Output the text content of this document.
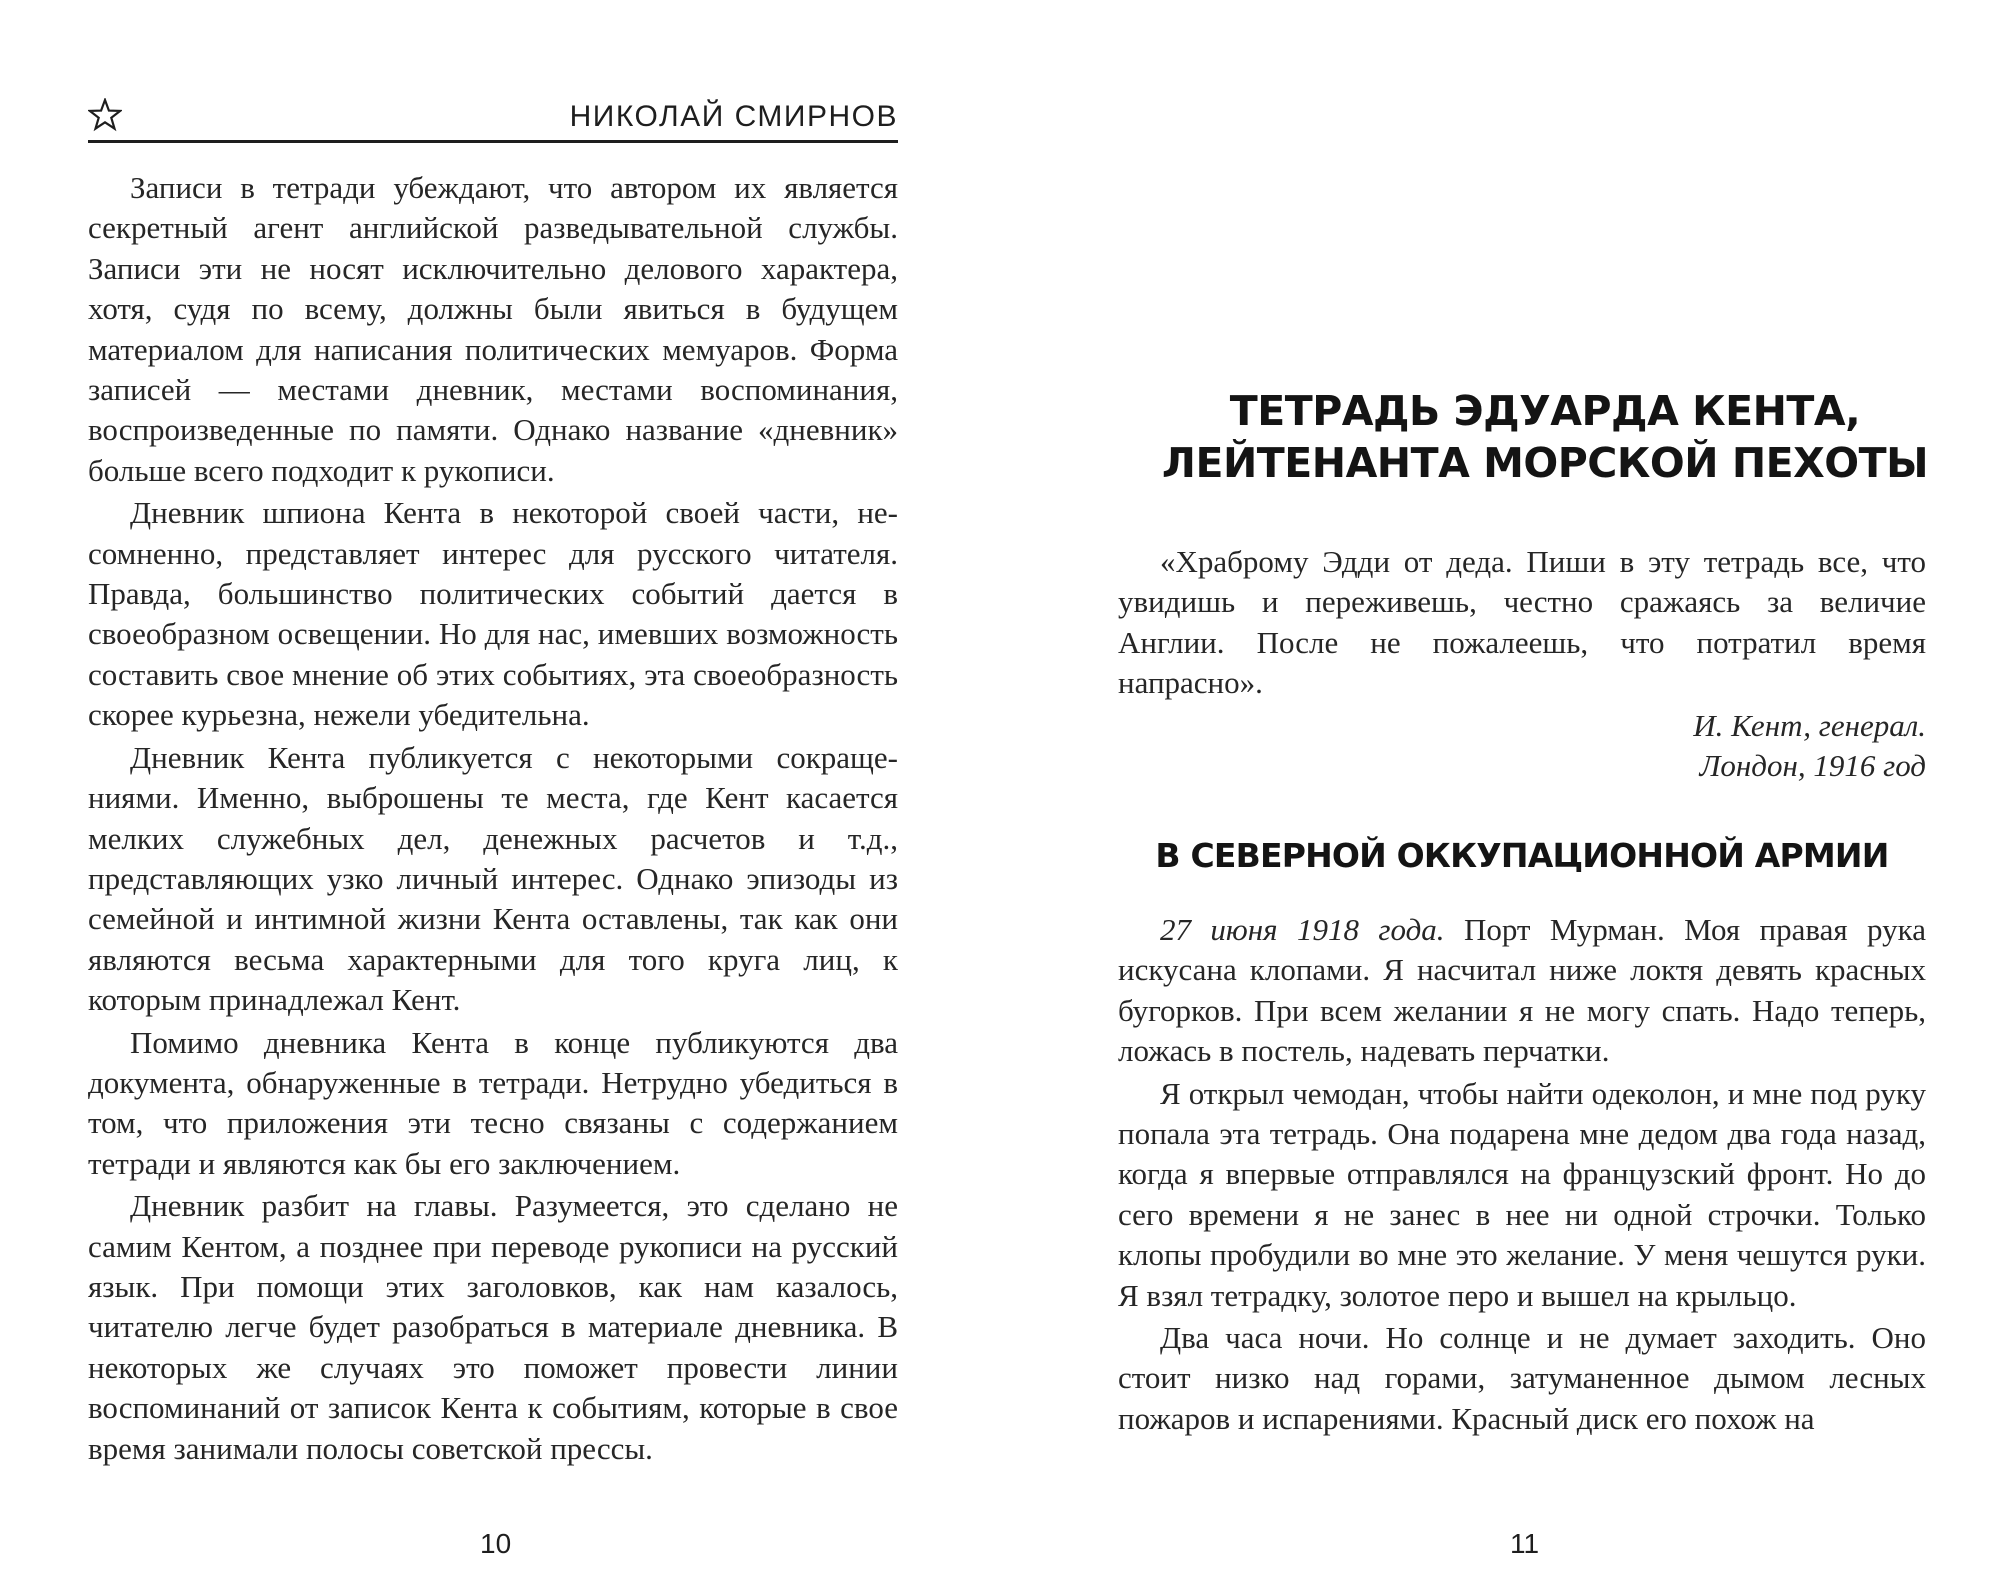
НИКОЛАЙ СМИРНОВ

Записи в тетради убеждают, что автором их является секретный агент английской разведывательной службы. Записи эти не носят исключительно делового характера, хотя, судя по всему, должны были явиться в будущем материалом для написания политических мемуаров. Форма записей — местами дневник, местами воспоминания, воспроизведенные по памяти. Однако название «дневник» больше всего подходит к рукописи.

Дневник шпиона Кента в некоторой своей части, несомненно, представляет интерес для русского читателя. Правда, большинство политических событий дается в своеобразном освещении. Но для нас, имевших возможность составить свое мнение об этих событиях, эта своеобразность скорее курьезна, нежели убедительна.

Дневник Кента публикуется с некоторыми сокращениями. Именно, выброшены те места, где Кент касается мелких служебных дел, денежных расчетов и т.д., представляющих узко личный интерес. Однако эпизоды из семейной и интимной жизни Кента оставлены, так как они являются весьма характерными для того круга лиц, к которым принадлежал Кент.

Помимо дневника Кента в конце публикуются два документа, обнаруженные в тетради. Нетрудно убедиться в том, что приложения эти тесно связаны с содержанием тетради и являются как бы его заключением.

Дневник разбит на главы. Разумеется, это сделано не самим Кентом, а позднее при переводе рукописи на русский язык. При помощи этих заголовков, как нам казалось, читателю легче будет разобраться в материале дневника. В некоторых же случаях это поможет провести линии воспоминаний от записок Кента к событиям, которые в свое время занимали полосы советской прессы.

10
ТЕТРАДЬ ЭДУАРДА КЕНТА,
ЛЕЙТЕНАНТА МОРСКОЙ ПЕХОТЫ

«Храброму Эдди от деда. Пиши в эту тетрадь все, что увидишь и переживешь, честно сражаясь за величие Англии. После не пожалеешь, что потратил время напрасно».

И. Кент, генерал.
Лондон, 1916 год

В СЕВЕРНОЙ ОККУПАЦИОННОЙ АРМИИ

27 июня 1918 года. Порт Мурман. Моя правая рука искусана клопами. Я насчитал ниже локтя девять красных бугорков. При всем желании я не могу спать. Надо теперь, ложась в постель, надевать перчатки.

Я открыл чемодан, чтобы найти одеколон, и мне под руку попала эта тетрадь. Она подарена мне дедом два года назад, когда я впервые отправлялся на французский фронт. Но до сего времени я не занес в нее ни одной строчки. Только клопы пробудили во мне это желание. У меня чешутся руки. Я взял тетрадку, золотое перо и вышел на крыльцо.

Два часа ночи. Но солнце и не думает заходить. Оно стоит низко над горами, затуманенное дымом лесных пожаров и испарениями. Красный диск его похож на

11
